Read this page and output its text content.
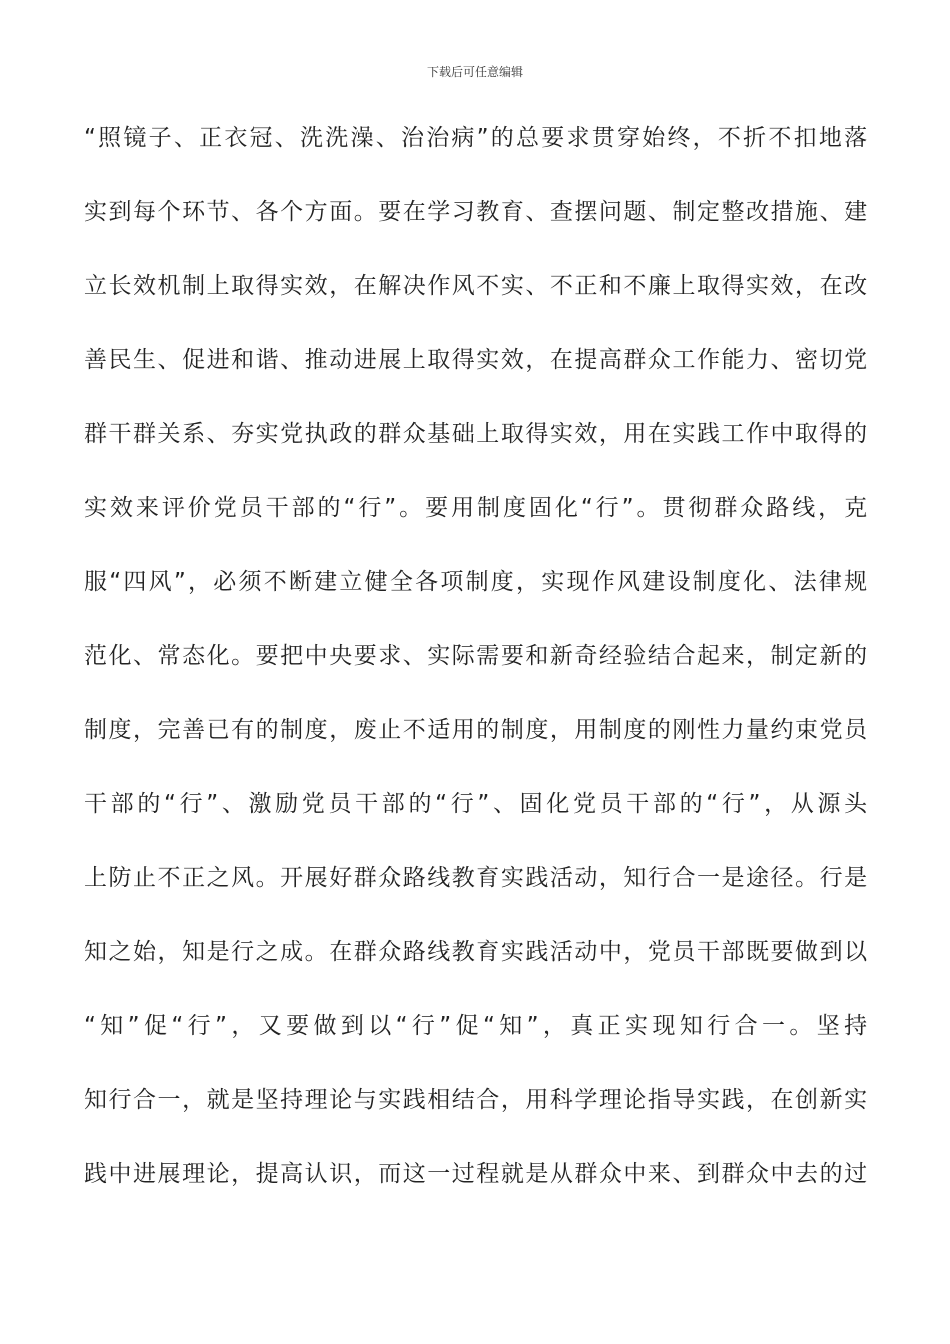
下载后可任意编辑
“照镜子、正衣冠、洗洗澡、治治病”的总要求贯穿始终，不折不扣地落
实到每个环节、各个方面。要在学习教育、查摆问题、制定整改措施、建
立长效机制上取得实效，在解决作风不实、不正和不廉上取得实效，在改
善民生、促进和谐、推动进展上取得实效，在提高群众工作能力、密切党
群干群关系、夯实党执政的群众基础上取得实效，用在实践工作中取得的
实效来评价党员干部的“行”。要用制度固化“行”。贯彻群众路线，克
服“四风”，必须不断建立健全各项制度，实现作风建设制度化、法律规
范化、常态化。要把中央要求、实际需要和新奇经验结合起来，制定新的
制度，完善已有的制度，废止不适用的制度，用制度的刚性力量约束党员
干部的“行”、激励党员干部的“行”、固化党员干部的“行”，从源头
上防止不正之风。开展好群众路线教育实践活动，知行合一是途径。行是
知之始，知是行之成。在群众路线教育实践活动中，党员干部既要做到以
“知”促“行”，又要做到以“行”促“知”，真正实现知行合一。坚持
知行合一，就是坚持理论与实践相结合，用科学理论指导实践，在创新实
践中进展理论，提高认识，而这一过程就是从群众中来、到群众中去的过
